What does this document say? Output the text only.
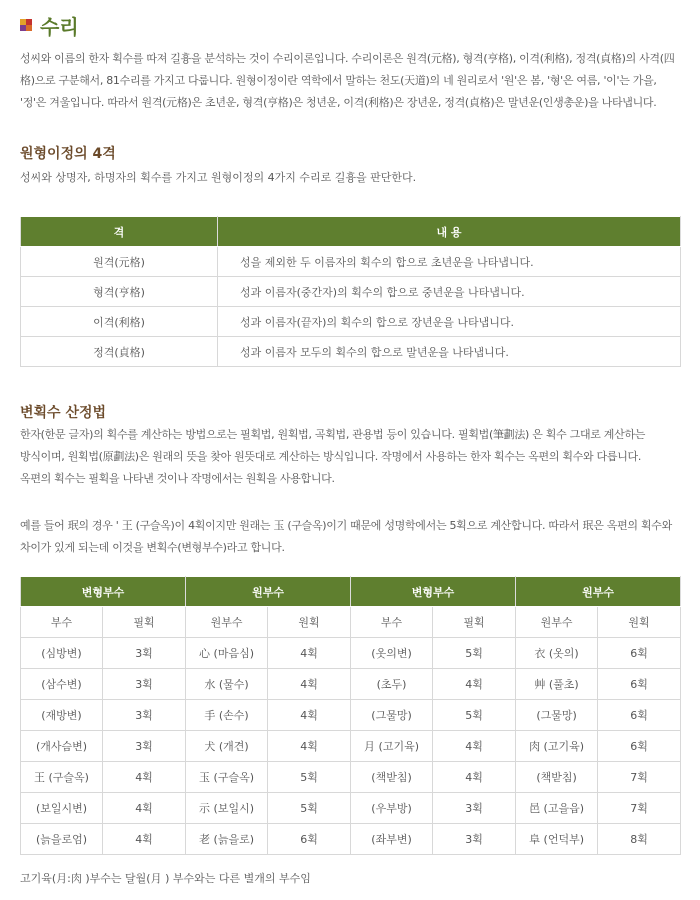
수리
성씨와 이름의 한자 획수를 따져 길흉을 분석하는 것이 수리이론입니다. 수리이론은 원격(元格), 형격(亨格), 이격(利格), 정격(貞格)의 사격(四
格)으로 구분해서, 81수리를 가지고 다룹니다. 원형이정이란 역학에서 말하는 천도(天道)의 네 원리로서 '원'은 봄, '형'은 여름, '이'는 가을,
'정'은 겨울입니다. 따라서 원격(元格)은 초년운, 형격(亨格)은 청년운, 이격(利格)은 장년운, 정격(貞格)은 말년운(인생총운)을 나타냅니다.
원형이정의 4격
성씨와 상명자, 하명자의 획수를 가지고 원형이정의 4가지 수리로 길흉을 판단한다.
격	내 용
원격(元格)	성을 제외한 두 이름자의 획수의 합으로 초년운을 나타냅니다.
형격(亨格)	성과 이름자(중간자)의 획수의 합으로 중년운을 나타냅니다.
이격(利格)	성과 이름자(끝자)의 획수의 합으로 장년운을 나타냅니다.
정격(貞格)	성과 이름자 모두의 획수의 합으로 말년운을 나타냅니다.
변획수 산정법
한자(한문 글자)의 획수를 계산하는 방법으로는 필획법, 원획법, 곡획법, 관용법 등이 있습니다. 필획법(筆劃法) 은 획수 그대로 계산하는
방식이며, 원획법(原劃法)은 원래의 뜻을 찾아 원뜻대로 계산하는 방식입니다. 작명에서 사용하는 한자 획수는 옥편의 획수와 다릅니다.
옥편의 획수는 필획을 나타낸 것이나 작명에서는 원획을 사용합니다.
예를 들어 珉의 경우 ' 王 (구슬옥)이 4획이지만 원래는 玉 (구슬옥)이기 때문에 성명학에서는 5획으로 계산합니다. 따라서 珉은 옥편의 획수와
차이가 있게 되는데 이것을 변획수(변형부수)라고 합니다.
변형부수		원부수		변형부수		원부수	
부수	필획	원부수	원획	부수	필획	원부수	원획
(심방변)	3획	心 (마음심)	4획	(옷의변)	5획	衣 (옷의)	6획
(삼수변)	3획	水 (물수)	4획	(초두)	4획	艸 (풀초)	6획
(재방변)	3획	手 (손수)	4획	(그물망)	5획	(그물망)	6획
(개사슴변)	3획	犬 (개견)	4획	月 (고기육)	4획	肉 (고기육)	6획
王 (구슬옥)	4획	玉 (구슬옥)	5획	(책받침)	4획	(책받침)	7획
(보일시변)	4획	示 (보일시)	5획	(우부방)	3획	邑 (고을읍)	7획
(늙을로엄)	4획	老 (늙을로)	6획	(좌부변)	3획	阜 (언덕부)	8획
고기육(月:肉 )부수는 달월(月 ) 부수와는 다른 별개의 부수임
